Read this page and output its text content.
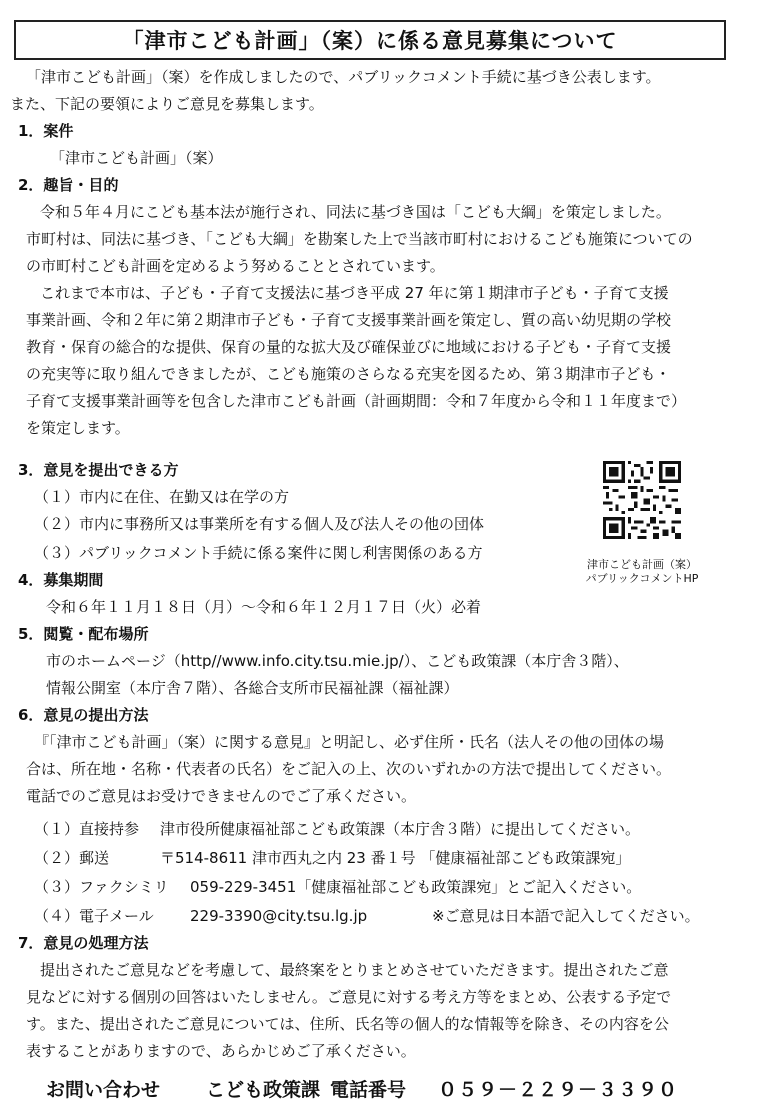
「津市こども計画」（案）に係る意見募集について
「津市こども計画」（案）を作成しましたので、パブリックコメント手続に基づき公表します。
また、下記の要領によりご意見を募集します。
1．案件
「津市こども計画」（案）
2．趣旨・目的
令和５年４月にこども基本法が施行され、同法に基づき国は「こども大綱」を策定しました。
市町村は、同法に基づき、「こども大綱」を勘案した上で当該市町村におけるこども施策についての
の市町村こども計画を定めるよう努めることとされています。
これまで本市は、子ども・子育て支援法に基づき平成 27 年に第１期津市子ども・子育て支援
事業計画、令和２年に第２期津市子ども・子育て支援事業計画を策定し、質の高い幼児期の学校
教育・保育の総合的な提供、保育の量的な拡大及び確保並びに地域における子ども・子育て支援
の充実等に取り組んできましたが、こども施策のさらなる充実を図るため、第３期津市子ども・
子育て支援事業計画等を包含した津市こども計画（計画期間：令和７年度から令和１１年度まで）
を策定します。
3．意見を提出できる方
（１）市内に在住、在勤又は在学の方
（２）市内に事務所又は事業所を有する個人及び法人その他の団体
（３）パブリックコメント手続に係る案件に関し利害関係のある方
津市こども計画（案）
パブリックコメントHP
4．募集期間
令和６年１１月１８日（月）～令和６年１２月１７日（火）必着
5．閲覧・配布場所
市のホームページ（http//www.info.city.tsu.mie.jp/）、こども政策課（本庁舎３階）、
情報公開室（本庁舎７階）、各総合支所市民福祉課（福祉課）
6．意見の提出方法
『「津市こども計画」（案）に関する意見』と明記し、必ず住所・氏名（法人その他の団体の場
合は、所在地・名称・代表者の氏名）をご記入の上、次のいずれかの方法で提出してください。
電話でのご意見はお受けできませんのでご了承ください。
（１）直接持参 津市役所健康福祉部こども政策課（本庁舎３階）に提出してください。
（２）郵送	〒514-8611 津市西丸之内 23 番１号 「健康福祉部こども政策課宛」
（３）ファクシミリ 059-229-3451「健康福祉部こども政策課宛」とご記入ください。
（４）電子メール 229-3390@city.tsu.lg.jp	※ご意見は日本語で記入してください。
7．意見の処理方法
提出されたご意見などを考慮して、最終案をとりまとめさせていただきます。提出されたご意
見などに対する個別の回答はいたしません。ご意見に対する考え方等をまとめ、公表する予定で
す。また、提出されたご意見については、住所、氏名等の個人的な情報等を除き、その内容を公
表することがありますので、あらかじめご了承ください。
お問い合わせ こども政策課 電話番号 ０５９－２２９－３３９０
